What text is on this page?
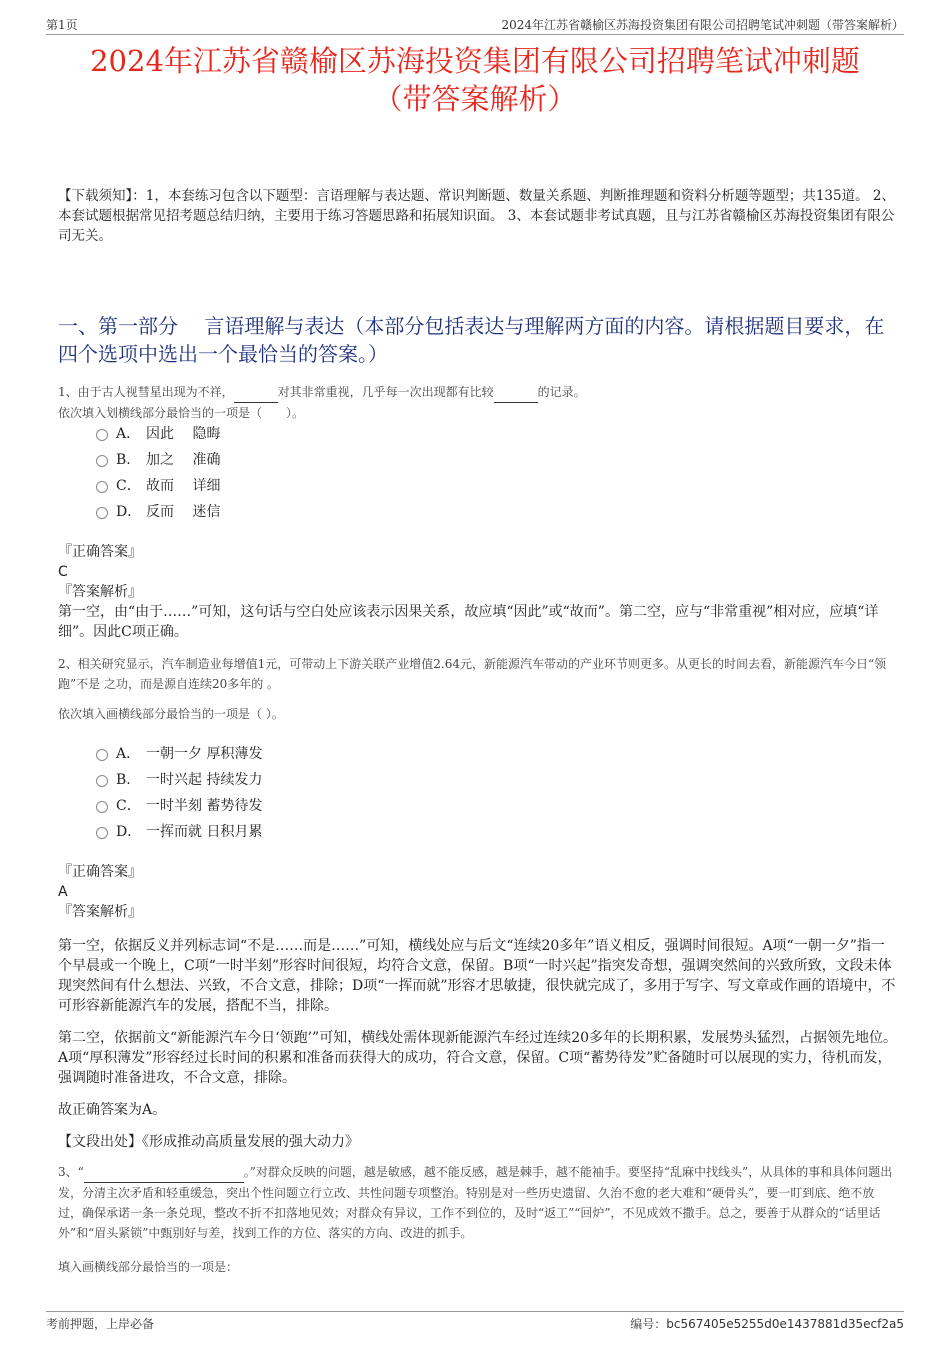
第1页	2024年江苏省赣榆区苏海投资集团有限公司招聘笔试冲刺题（带答案解析）
2024年江苏省赣榆区苏海投资集团有限公司招聘笔试冲刺题
（带答案解析）
【下载须知】：1，本套练习包含以下题型：言语理解与表达题、常识判断题、数量关系题、判断推理题和资料分析题等题型；共135道。 2、本套试题根据常见招考题总结归纳，主要用于练习答题思路和拓展知识面。 3、本套试题非考试真题，且与江苏省赣榆区苏海投资集团有限公司无关。
一、第一部分　 言语理解与表达（本部分包括表达与理解两方面的内容。请根据题目要求，在四个选项中选出一个最恰当的答案。）
1、由于古人视彗星出现为不祥，	对其非常重视，几乎每一次出现都有比较	的记录。
依次填入划横线部分最恰当的一项是（　　）。
A． 因此　 隐晦
B. 加之　 准确
C． 故而　 详细
D． 反而　 迷信
『正确答案』
C
『答案解析』
第一空，由“由于……”可知，这句话与空白处应该表示因果关系，故应填“因此”或“故而”。第二空，应与“非常重视”相对应，应填“详细”。因此C项正确。
2、相关研究显示，汽车制造业每增值1元，可带动上下游关联产业增值2.64元，新能源汽车带动的产业环节则更多。从更长的时间去看，新能源汽车今日“领跑”不是 之功，而是源自连续20多年的 。
依次填入画横线部分最恰当的一项是（ ）。
A． 一朝一夕 厚积薄发
B. 一时兴起 持续发力
C． 一时半刻 蓄势待发
D． 一挥而就 日积月累
『正确答案』
A
『答案解析』

第一空，依据反义并列标志词“不是……而是……”可知，横线处应与后文“连续20多年”语义相反，强调时间很短。A项“一朝一夕”指一个早晨或一个晚上，C项“一时半刻”形容时间很短，均符合文意，保留。B项“一时兴起”指突发奇想，强调突然间的兴致所致，文段未体现突然间有什么想法、兴致，不合文意，排除；D项“一挥而就”形容才思敏捷，很快就完成了，多用于写字、写文章或作画的语境中，不可形容新能源汽车的发展，搭配不当，排除。

第二空，依据前文“新能源汽车今日‘领跑’”可知，横线处需体现新能源汽车经过连续20多年的长期积累，发展势头猛烈，占据领先地位。A项“厚积薄发”形容经过长时间的积累和准备而获得大的成功，符合文意，保留。C项“蓄势待发”贮备随时可以展现的实力，待机而发，强调随时准备进攻，不合文意，排除。

故正确答案为A。

【文段出处】《形成推动高质量发展的强大动力》

3、“	。”对群众反映的问题，越是敏感，越不能反感，越是棘手，越不能袖手。要坚持“乱麻中找线头”，从具体的事和具体问题出发，分清主次矛盾和轻重缓急，突出个性问题立行立改、共性问题专项整治。特别是对一些历史遗留、久治不愈的老大难和“硬骨头”，要一盯到底、绝不放过，确保承诺一条一条兑现，整改不折不扣落地见效；对群众有异议，工作不到位的，及时“返工”“回炉”，不见成效不撒手。总之，要善于从群众的“话里话外”和“眉头紧锁”中甄别好与差，找到工作的方位、落实的方向、改进的抓手。
填入画横线部分最恰当的一项是：
考前押题，上岸必备	编号：bc567405e5255d0e1437881d35ecf2a5
